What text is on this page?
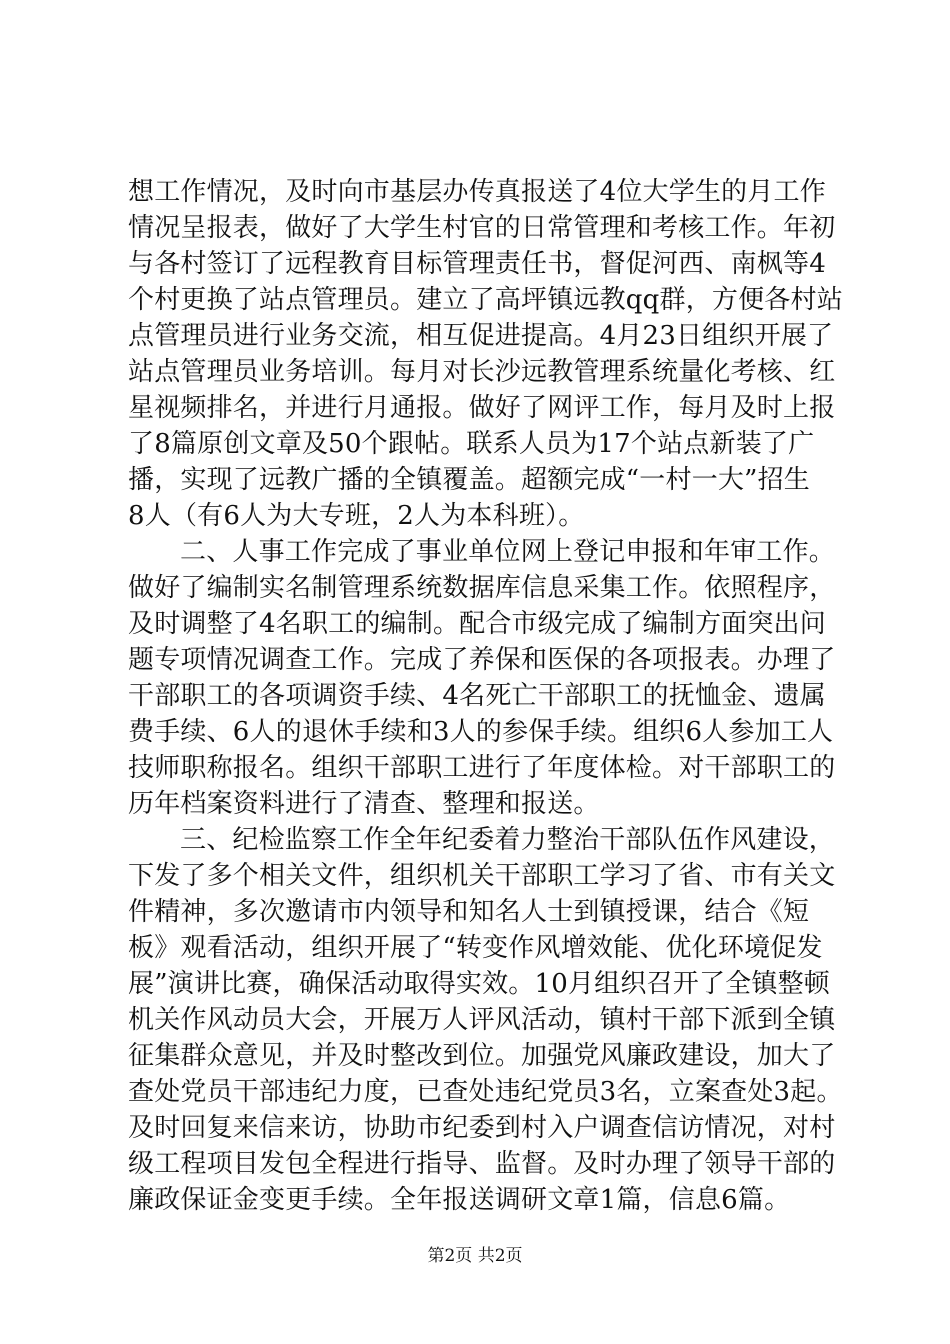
想工作情况，及时向市基层办传真报送了4位大学生的月工作
情况呈报表，做好了大学生村官的日常管理和考核工作。年初
与各村签订了远程教育目标管理责任书，督促河西、南枫等4
个村更换了站点管理员。建立了高坪镇远教qq群，方便各村站
点管理员进行业务交流，相互促进提高。4月23日组织开展了
站点管理员业务培训。每月对长沙远教管理系统量化考核、红
星视频排名，并进行月通报。做好了网评工作，每月及时上报
了8篇原创文章及50个跟帖。联系人员为17个站点新装了广
播，实现了远教广播的全镇覆盖。超额完成“一村一大”招生
8人（有6人为大专班，2人为本科班）。
二、人事工作完成了事业单位网上登记申报和年审工作。
做好了编制实名制管理系统数据库信息采集工作。依照程序，
及时调整了4名职工的编制。配合市级完成了编制方面突出问
题专项情况调查工作。完成了养保和医保的各项报表。办理了
干部职工的各项调资手续、4名死亡干部职工的抚恤金、遗属
费手续、6人的退休手续和3人的参保手续。组织6人参加工人
技师职称报名。组织干部职工进行了年度体检。对干部职工的
历年档案资料进行了清查、整理和报送。
三、纪检监察工作全年纪委着力整治干部队伍作风建设，
下发了多个相关文件，组织机关干部职工学习了省、市有关文
件精神，多次邀请市内领导和知名人士到镇授课，结合《短
板》观看活动，组织开展了“转变作风增效能、优化环境促发
展”演讲比赛，确保活动取得实效。10月组织召开了全镇整顿
机关作风动员大会，开展万人评风活动，镇村干部下派到全镇
征集群众意见，并及时整改到位。加强党风廉政建设，加大了
查处党员干部违纪力度，已查处违纪党员3名，立案查处3起。
及时回复来信来访，协助市纪委到村入户调查信访情况，对村
级工程项目发包全程进行指导、监督。及时办理了领导干部的
廉政保证金变更手续。全年报送调研文章1篇，信息6篇。
第2页 共2页
